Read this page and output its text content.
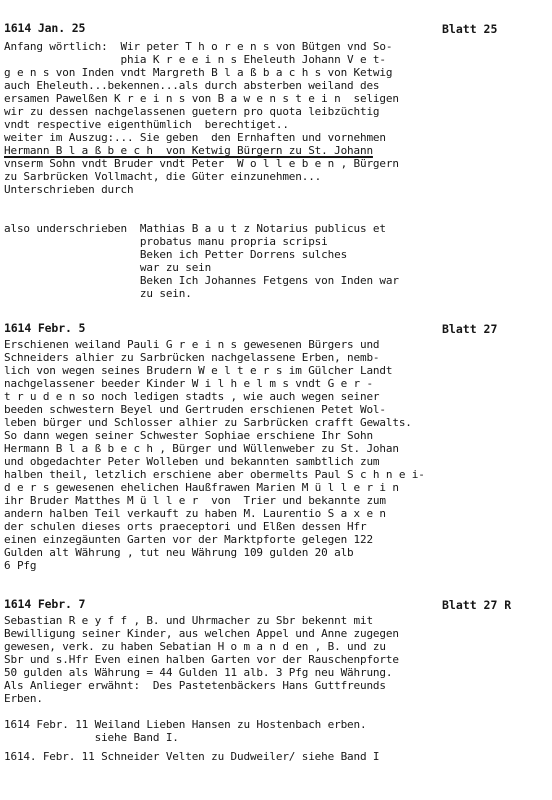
1614 Jan. 25	Blatt 25
Anfang wörtlich:  Wir peter T h o r e n s von Bütgen vnd So-
phia K r e e i n s Eheleuth Johann V e t-
g e n s von Inden vndt Margreth B l a ß b a c h s von Ketwig
auch Eheleuth...bekennen...als durch absterben weiland des
ersamen Pawelßen K r e i n s von B a w e n s t e i n  seligen
wir zu dessen nachgelassenen guetern pro quota leibzüchtig
vndt respective eigenthümlich  berechtiget..
weiter im Auszug:... Sie geben  den Ernhaften und vornehmen
Hermann B l a ß b e c h  von Ketwig Bürgern zu St. Johann
vnserm Sohn vndt Bruder vndt Peter  W o l l e b e n , Bürgern
zu Sarbrücken Vollmacht, die Güter einzunehmen...
Unterschrieben durch
also underschrieben  Mathias B a u t z Notarius publicus et
probatus manu propria scripsi
Beken ich Petter Dorrens sulches
war zu sein
Beken Ich Johannes Fetgens von Inden war
zu sein.
1614 Febr. 5	Blatt 27
Erschienen weiland Pauli G r e i n s gewesenen Bürgers und
Schneiders alhier zu Sarbrücken nachgelassene Erben, nemb-
lich von wegen seines Brudern W e l t e r s im Gülcher Landt
nachgelassener beeder Kinder W i l h e l m s vndt G e r -
t r u d e n so noch ledigen stadts , wie auch wegen seiner
beeden schwestern Beyel und Gertruden erschienen Petet Wol-
leben bürger und Schlosser alhier zu Sarbrücken crafft Gewalts.
So dann wegen seiner Schwester Sophiae erschiene Ihr Sohn
Hermann B l a ß b e c h , Bürger und Wüllenweber zu St. Johan
und obgedachter Peter Wolleben und bekannten sambtlich zum
halben theil, letzlich erschiene aber obermelts Paul S c h n e i-
d e r s gewesenen ehelichen Haußfrawen Marien M ü l l e r i n
ihr Bruder Matthes M ü l l e r  von  Trier und bekannte zum
andern halben Teil verkauft zu haben M. Laurentio S a x e n
der schulen dieses orts praeceptori und Elßen dessen Hfr
einen einzegäunten Garten vor der Marktpforte gelegen 122
Gulden alt Währung , tut neu Währung 109 gulden 20 alb
6 Pfg
1614 Febr. 7	Blatt 27 R
Sebastian R e y f f , B. und Uhrmacher zu Sbr bekennt mit
Bewilligung seiner Kinder, aus welchen Appel und Anne zugegen
gewesen, verk. zu haben Sebatian H o m a n d en , B. und zu
Sbr und s.Hfr Even einen halben Garten vor der Rauschenpforte
50 gulden als Währung = 44 Gulden 11 alb. 3 Pfg neu Währung.
Als Anlieger erwähnt:  Des Pastetenbäckers Hans Guttfreunds
Erben.
1614 Febr. 11 Weiland Lieben Hansen zu Hostenbach erben.
siehe Band I.
1614. Febr. 11 Schneider Velten zu Dudweiler/ siehe Band I
